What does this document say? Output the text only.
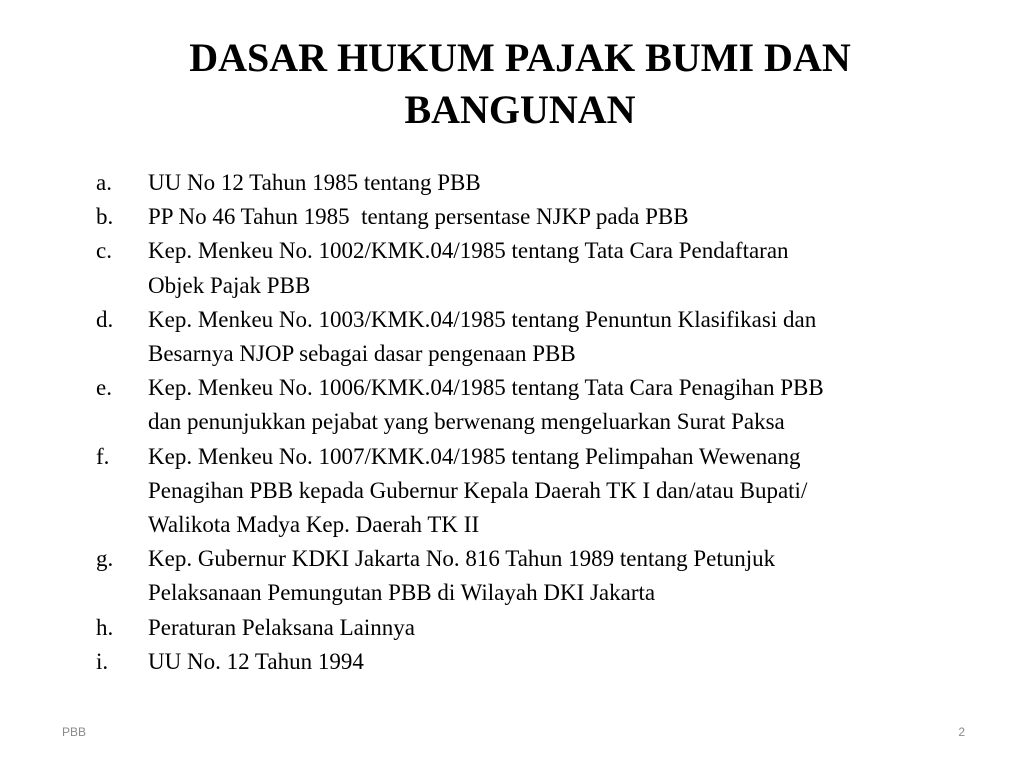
DASAR HUKUM PAJAK BUMI DAN
BANGUNAN
a.	UU No 12 Tahun 1985 tentang PBB
b.	PP No 46 Tahun 1985  tentang persentase NJKP pada PBB
c.	Kep. Menkeu No. 1002/KMK.04/1985 tentang Tata Cara Pendaftaran
Objek Pajak PBB
d.	Kep. Menkeu No. 1003/KMK.04/1985 tentang Penuntun Klasifikasi dan
Besarnya NJOP sebagai dasar pengenaan PBB
e.	Kep. Menkeu No. 1006/KMK.04/1985 tentang Tata Cara Penagihan PBB
dan penunjukkan pejabat yang berwenang mengeluarkan Surat Paksa
f.	Kep. Menkeu No. 1007/KMK.04/1985 tentang Pelimpahan Wewenang
Penagihan PBB kepada Gubernur Kepala Daerah TK I dan/atau Bupati/
Walikota Madya Kep. Daerah TK II
g.	Kep. Gubernur KDKI Jakarta No. 816 Tahun 1989 tentang Petunjuk
Pelaksanaan Pemungutan PBB di Wilayah DKI Jakarta
h.	Peraturan Pelaksana Lainnya
i.	UU No. 12 Tahun 1994
PBB	2
